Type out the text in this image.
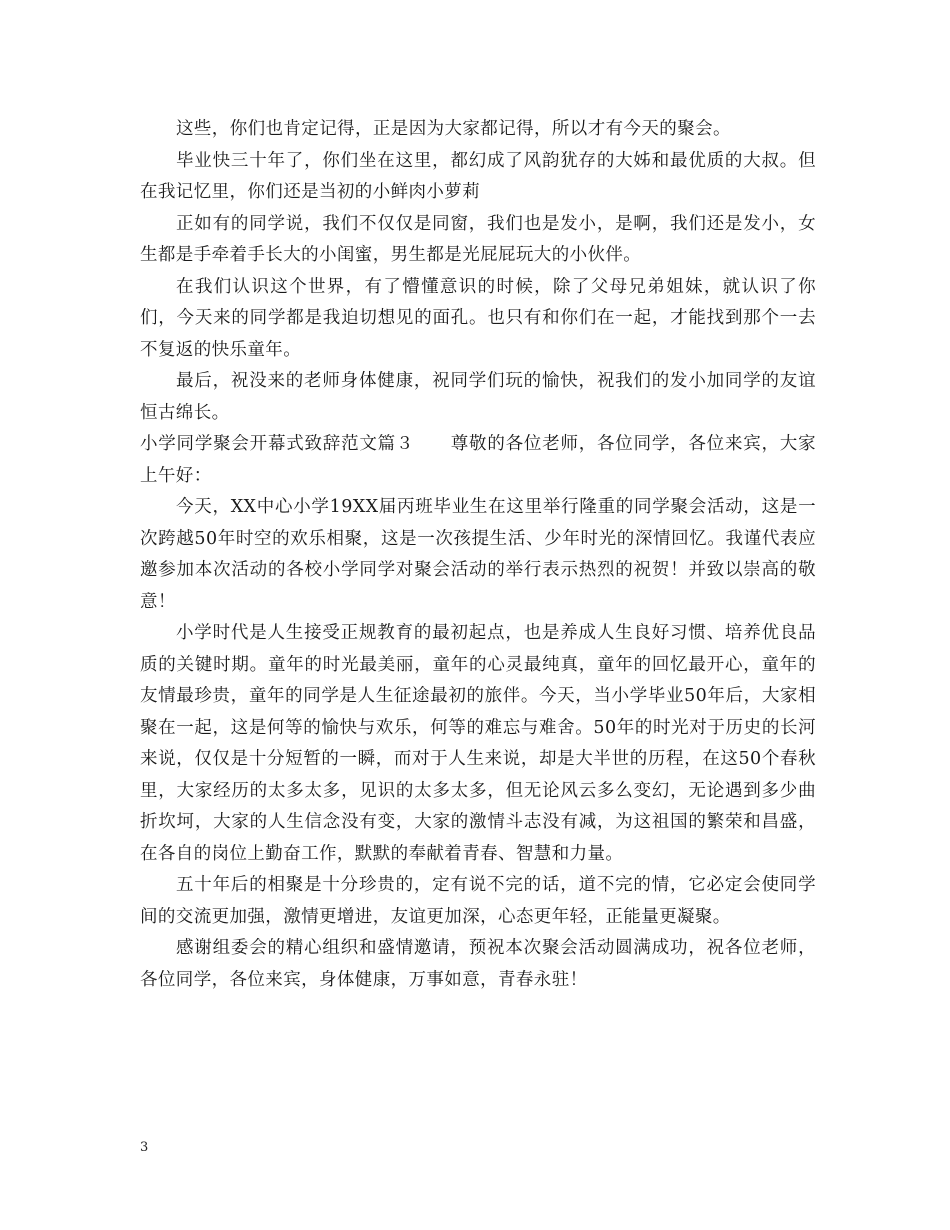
这些，你们也肯定记得，正是因为大家都记得，所以才有今天的聚会。

毕业快三十年了，你们坐在这里，都幻成了风韵犹存的大姊和最优质的大叔。但在我记忆里，你们还是当初的小鲜肉小萝莉

正如有的同学说，我们不仅仅是同窗，我们也是发小，是啊，我们还是发小，女生都是手牵着手长大的小闺蜜，男生都是光屁屁玩大的小伙伴。

在我们认识这个世界，有了懵懂意识的时候，除了父母兄弟姐妹，就认识了你们，今天来的同学都是我迫切想见的面孔。也只有和你们在一起，才能找到那个一去不复返的快乐童年。

最后，祝没来的老师身体健康，祝同学们玩的愉快，祝我们的发小加同学的友谊恒古绵长。

小学同学聚会开幕式致辞范文篇３　　尊敬的各位老师，各位同学，各位来宾，大家上午好：

今天，XX中心小学19XX届丙班毕业生在这里举行隆重的同学聚会活动，这是一次跨越50年时空的欢乐相聚，这是一次孩提生活、少年时光的深情回忆。我谨代表应邀参加本次活动的各校小学同学对聚会活动的举行表示热烈的祝贺！并致以崇高的敬意！

小学时代是人生接受正规教育的最初起点，也是养成人生良好习惯、培养优良品质的关键时期。童年的时光最美丽，童年的心灵最纯真，童年的回忆最开心，童年的友情最珍贵，童年的同学是人生征途最初的旅伴。今天，当小学毕业50年后，大家相聚在一起，这是何等的愉快与欢乐，何等的难忘与难舍。50年的时光对于历史的长河来说，仅仅是十分短暂的一瞬，而对于人生来说，却是大半世的历程，在这50个春秋里，大家经历的太多太多，见识的太多太多，但无论风云多么变幻，无论遇到多少曲折坎坷，大家的人生信念没有变，大家的激情斗志没有减，为这祖国的繁荣和昌盛，在各自的岗位上勤奋工作，默默的奉献着青春、智慧和力量。

五十年后的相聚是十分珍贵的，定有说不完的话，道不完的情，它必定会使同学间的交流更加强，激情更增进，友谊更加深，心态更年轻，正能量更凝聚。

感谢组委会的精心组织和盛情邀请，预祝本次聚会活动圆满成功，祝各位老师，各位同学，各位来宾，身体健康，万事如意，青春永驻！

3
